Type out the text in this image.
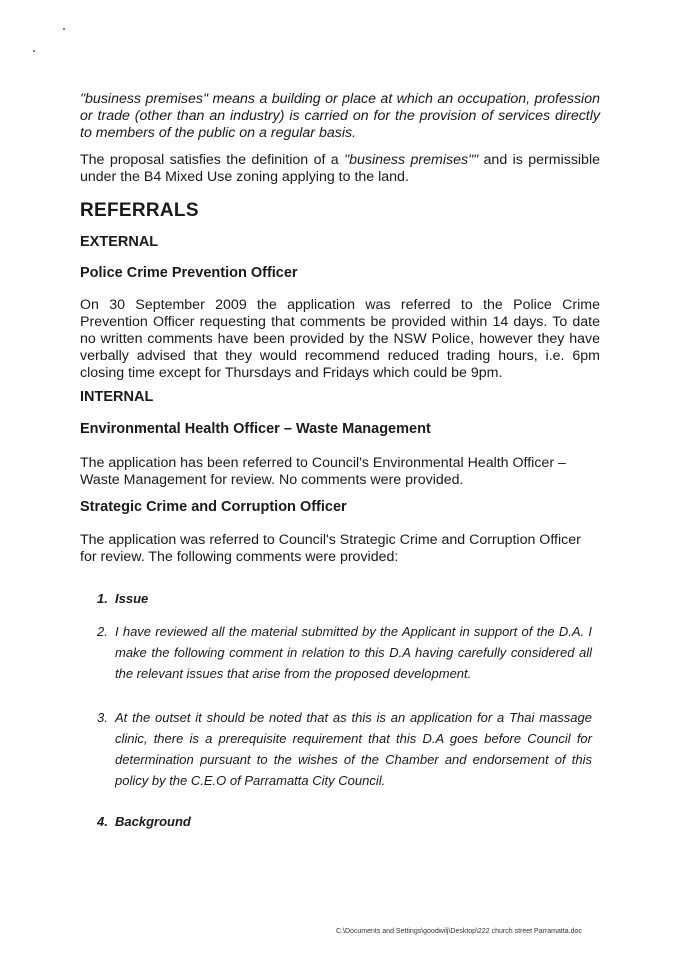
"business premises" means a building or place at which an occupation, profession or trade (other than an industry) is carried on for the provision of services directly to members of the public on a regular basis.

The proposal satisfies the definition of a "business premises"" and is permissible under the B4 Mixed Use zoning applying to the land.

REFERRALS
EXTERNAL
Police Crime Prevention Officer

On 30 September 2009 the application was referred to the Police Crime Prevention Officer requesting that comments be provided within 14 days. To date no written comments have been provided by the NSW Police, however they have verbally advised that they would recommend reduced trading hours, i.e. 6pm closing time except for Thursdays and Fridays which could be 9pm.

INTERNAL
Environmental Health Officer – Waste Management

The application has been referred to Council's Environmental Health Officer – Waste Management for review. No comments were provided.

Strategic Crime and Corruption Officer

The application was referred to Council's Strategic Crime and Corruption Officer for review. The following comments were provided:

1. Issue
2. I have reviewed all the material submitted by the Applicant in support of the D.A. I make the following comment in relation to this D.A having carefully considered all the relevant issues that arise from the proposed development.
3. At the outset it should be noted that as this is an application for a Thai massage clinic, there is a prerequisite requirement that this D.A goes before Council for determination pursuant to the wishes of the Chamber and endorsement of this policy by the C.E.O of Parramatta City Council.
4. Background

C:\Documents and Settings\goodwilj\Desktop\222 church street Parramatta.doc
